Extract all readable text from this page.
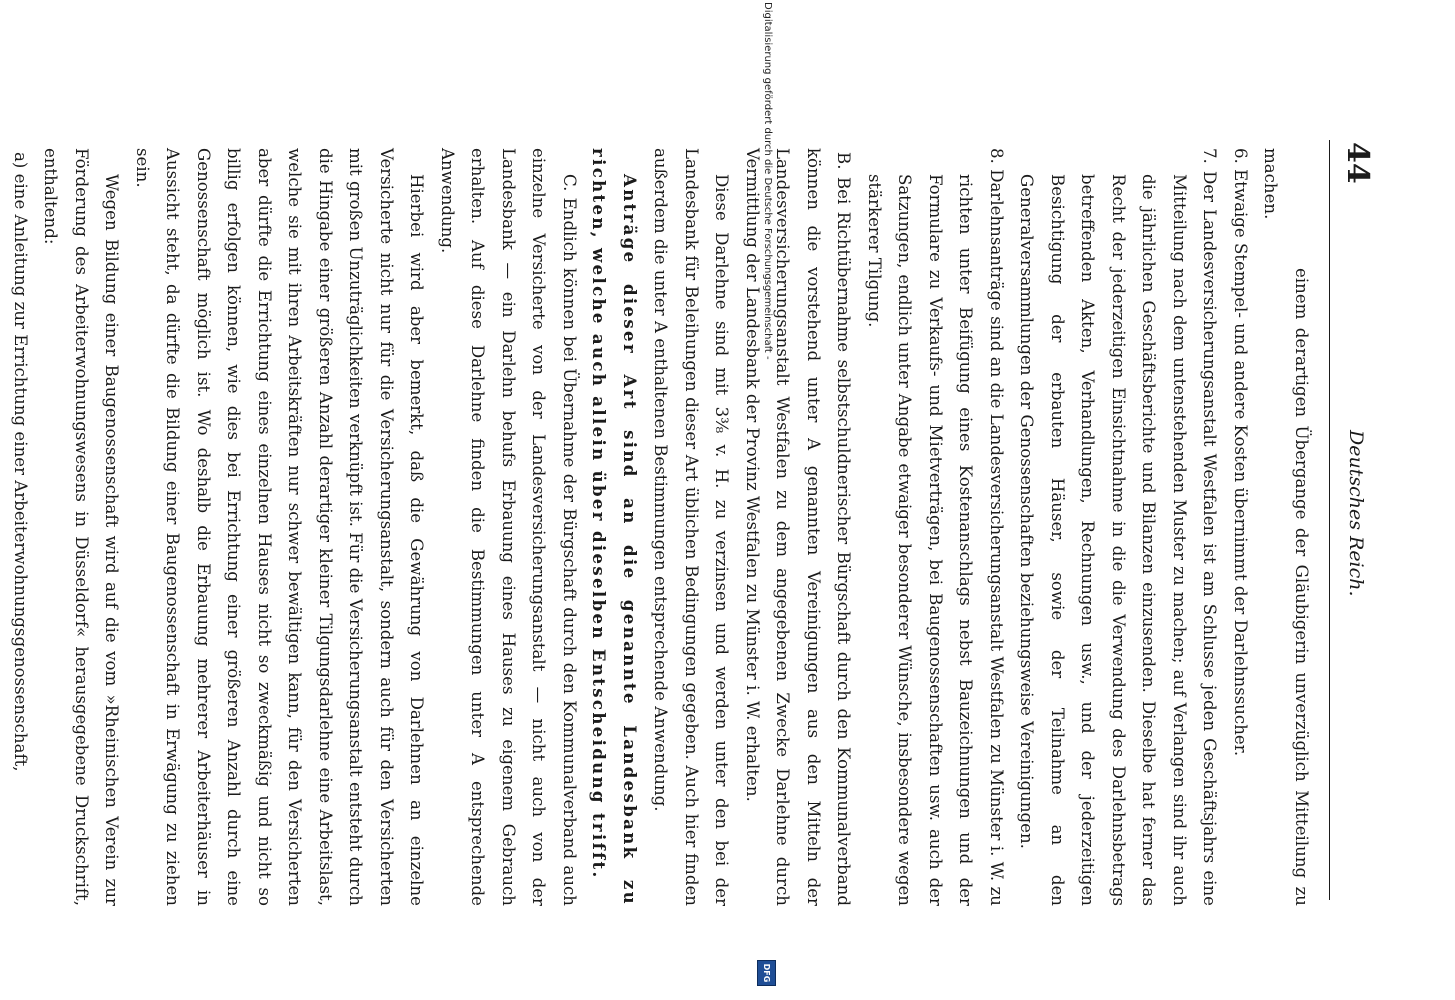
44
Deutsches Reich.

einem derartigen Übergange der Gläubigerin unverzüglich Mitteilung zu machen.

6. Etwaige Stempel- und andere Kosten übernimmt der Darlehnssucher.

7. Der Landesversicherungsanstalt Westfalen ist am Schlusse jeden Geschäftsjahrs eine Mitteilung nach dem untenstehenden Muster zu machen; auf Verlangen sind ihr auch die jährlichen Geschäftsberichte und Bilanzen einzusenden. Dieselbe hat ferner das Recht der jederzeitigen Einsichtnahme in die die Verwendung des Darlehnsbetrags betreffenden Akten, Verhandlungen, Rechnungen usw., und der jederzeitigen Besichtigung der erbauten Häuser, sowie der Teilnahme an den Generalversammlungen der Genossenschaften beziehungsweise Vereinigungen.

8. Darlehnsanträge sind an die Landesversicherungsanstalt Westfalen zu Münster i. W. zu richten unter Beifügung eines Kostenanschlags nebst Bauzeichnungen und der Formulare zu Verkaufs- und Mietverträgen, bei Baugenossenschaften usw. auch der Satzungen, endlich unter Angabe etwaiger besonderer Wünsche, insbesondere wegen stärkerer Tilgung.

B. Bei Richtübernahme selbstschuldnerischer Bürgschaft durch den Kommunalverband können die vorstehend unter A genannten Vereinigungen aus den Mitteln der Landesversicherungsanstalt Westfalen zu dem angegebenen Zwecke Darlehne durch Vermittlung der Landesbank der Provinz Westfalen zu Münster i. W. erhalten.

Diese Darlehne sind mit 3⅜ v. H. zu verzinsen und werden unter den bei der Landesbank für Beleihungen dieser Art üblichen Bedingungen gegeben. Auch hier finden außerdem die unter A enthaltenen Bestimmungen entsprechende Anwendung.

Anträge dieser Art sind an die genannte Landesbank zu richten, welche auch allein über dieselben Entscheidung trifft.

C. Endlich können bei Übernahme der Bürgschaft durch den Kommunalverband auch einzelne Versicherte von der Landesversicherungsanstalt — nicht auch von der Landesbank — ein Darlehn behufs Erbauung eines Hauses zu eigenem Gebrauch erhalten. Auf diese Darlehne finden die Bestimmungen unter A entsprechende Anwendung.

Hierbei wird aber bemerkt, daß die Gewährung von Darlehnen an einzelne Versicherte nicht nur für die Versicherungsanstalt, sondern auch für den Versicherten mit großen Unzuträglichkeiten verknüpft ist. Für die Versicherungsanstalt entsteht durch die Hingabe einer größeren Anzahl derartiger kleiner Tilgungsdarlehne eine Arbeitslast, welche sie mit ihren Arbeitskräften nur schwer bewältigen kann, für den Versicherten aber dürfte die Errichtung eines einzelnen Hauses nicht so zweckmäßig und nicht so billig erfolgen können, wie dies bei Errichtung einer größeren Anzahl durch eine Genossenschaft möglich ist. Wo deshalb die Erbauung mehrerer Arbeiterhäuser in Aussicht steht, da dürfte die Bildung einer Baugenossenschaft in Erwägung zu ziehen sein.

Wegen Bildung einer Baugenossenschaft wird auf die vom »Rheinischen Verein zur Förderung des Arbeiterwohnungswesens in Düsseldorf« herausgegebene Druckschrift, enthaltend:

a) eine Anleitung zur Errichtung einer Arbeiterwohnungsgenossenschaft,	Digitalisierung gefördert durch die Deutsche Forschungsgemeinschaft -
DFG
